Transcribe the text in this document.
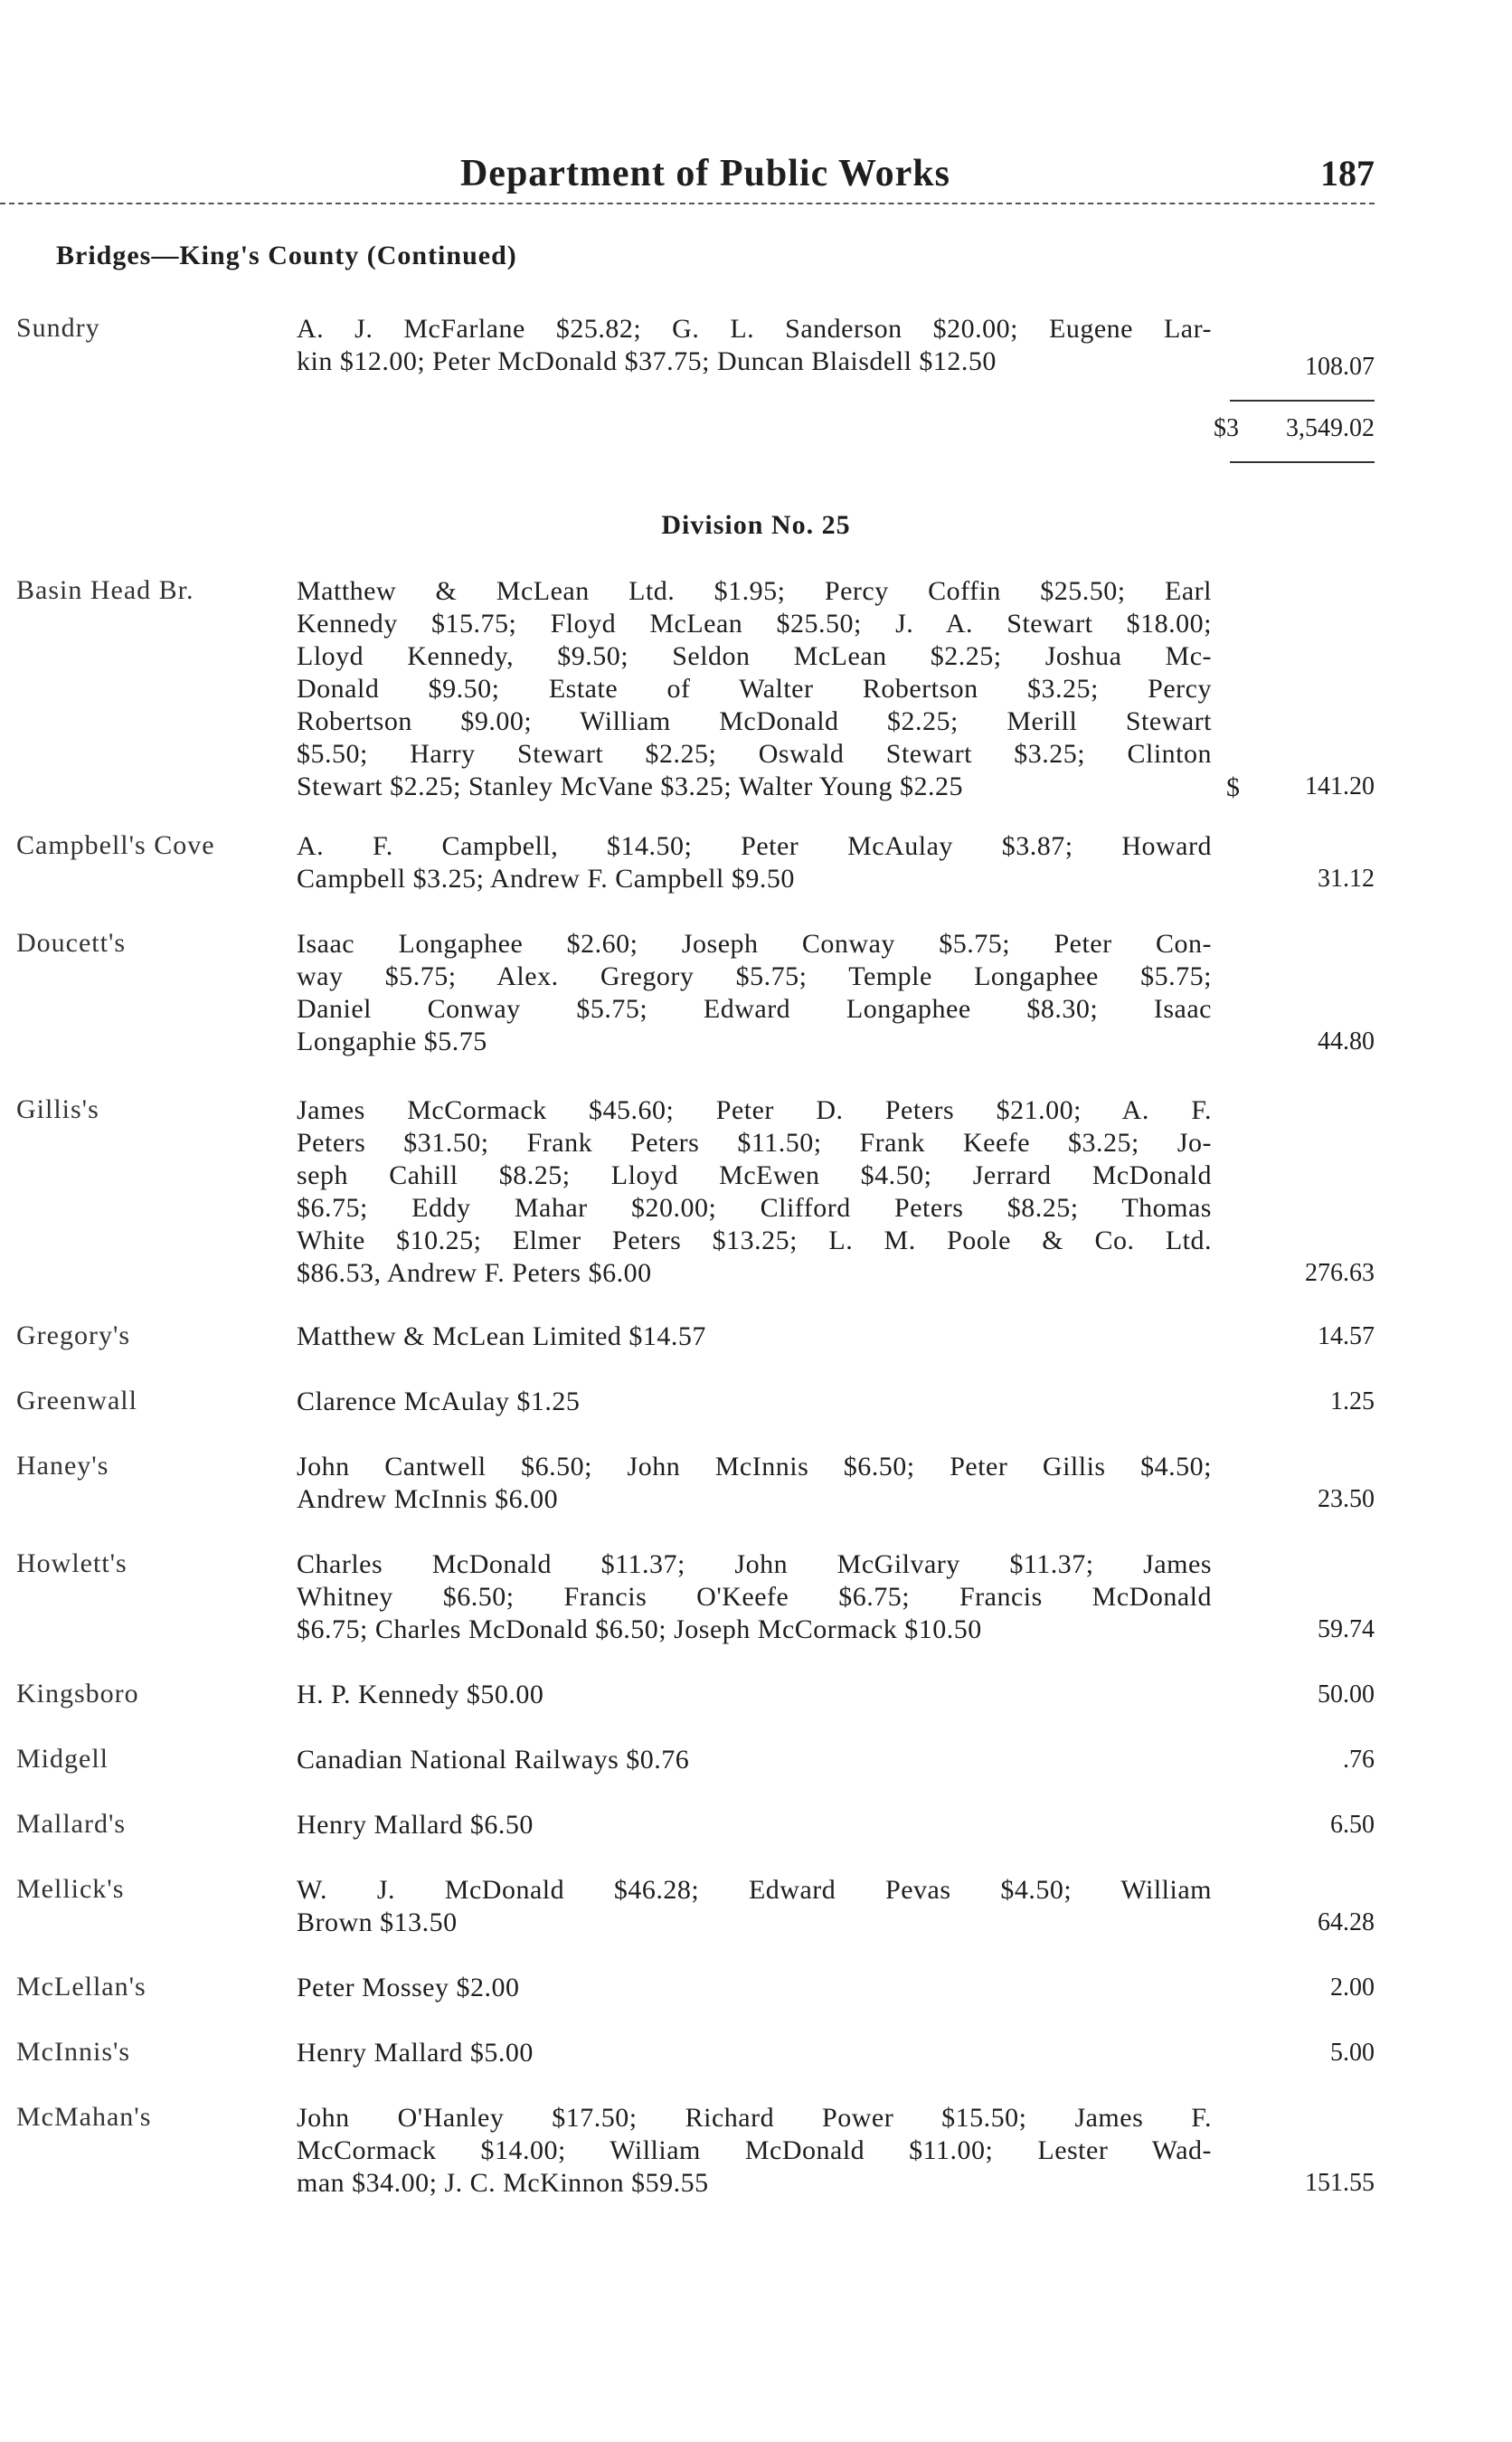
Department of Public Works	187
Bridges—King's County (Continued)
Sundry	A. J. McFarlane $25.82; G. L. Sanderson $20.00; Eugene Lar-
kin $12.00; Peter McDonald $37.75; Duncan Blaisdell $12.50	108.07
$3 3,549.02
Division No. 25
Basin Head Br.	Matthew & McLean Ltd. $1.95; Percy Coffin $25.50; Earl
Kennedy $15.75; Floyd McLean $25.50; J. A. Stewart $18.00;
Lloyd Kennedy, $9.50; Seldon McLean $2.25; Joshua Mc-
Donald $9.50; Estate of Walter Robertson $3.25; Percy
Robertson $9.00; William McDonald $2.25; Merill Stewart
$5.50; Harry Stewart $2.25; Oswald Stewart $3.25; Clinton
Stewart $2.25; Stanley McVane $3.25; Walter Young $2.25	$	141.20
Campbell's Cove	A. F. Campbell, $14.50; Peter McAulay $3.87; Howard
Campbell $3.25; Andrew F. Campbell $9.50	31.12
Doucett's	Isaac Longaphee $2.60; Joseph Conway $5.75; Peter Con-
way $5.75; Alex. Gregory $5.75; Temple Longaphee $5.75;
Daniel Conway $5.75; Edward Longaphee $8.30; Isaac
Longaphie $5.75	44.80
Gillis's	James McCormack $45.60; Peter D. Peters $21.00; A. F.
Peters $31.50; Frank Peters $11.50; Frank Keefe $3.25; Jo-
seph Cahill $8.25; Lloyd McEwen $4.50; Jerrard McDonald
$6.75; Eddy Mahar $20.00; Clifford Peters $8.25; Thomas
White $10.25; Elmer Peters $13.25; L. M. Poole & Co. Ltd.
$86.53, Andrew F. Peters $6.00	276.63
Gregory's	Matthew & McLean Limited $14.57	14.57
Greenwall	Clarence McAulay $1.25	1.25
Haney's	John Cantwell $6.50; John McInnis $6.50; Peter Gillis $4.50;
Andrew McInnis $6.00	23.50
Howlett's	Charles McDonald $11.37; John McGilvary $11.37; James
Whitney $6.50; Francis O'Keefe $6.75; Francis McDonald
$6.75; Charles McDonald $6.50; Joseph McCormack $10.50	59.74
Kingsboro	H. P. Kennedy $50.00	50.00
Midgell	Canadian National Railways $0.76	.76
Mallard's	Henry Mallard $6.50	6.50
Mellick's	W. J. McDonald $46.28; Edward Pevas $4.50; William
Brown $13.50	64.28
McLellan's	Peter Mossey $2.00	2.00
McInnis's	Henry Mallard $5.00	5.00
McMahan's	John O'Hanley $17.50; Richard Power $15.50; James F.
McCormack $14.00; William McDonald $11.00; Lester Wad-
man $34.00; J. C. McKinnon $59.55	151.55
